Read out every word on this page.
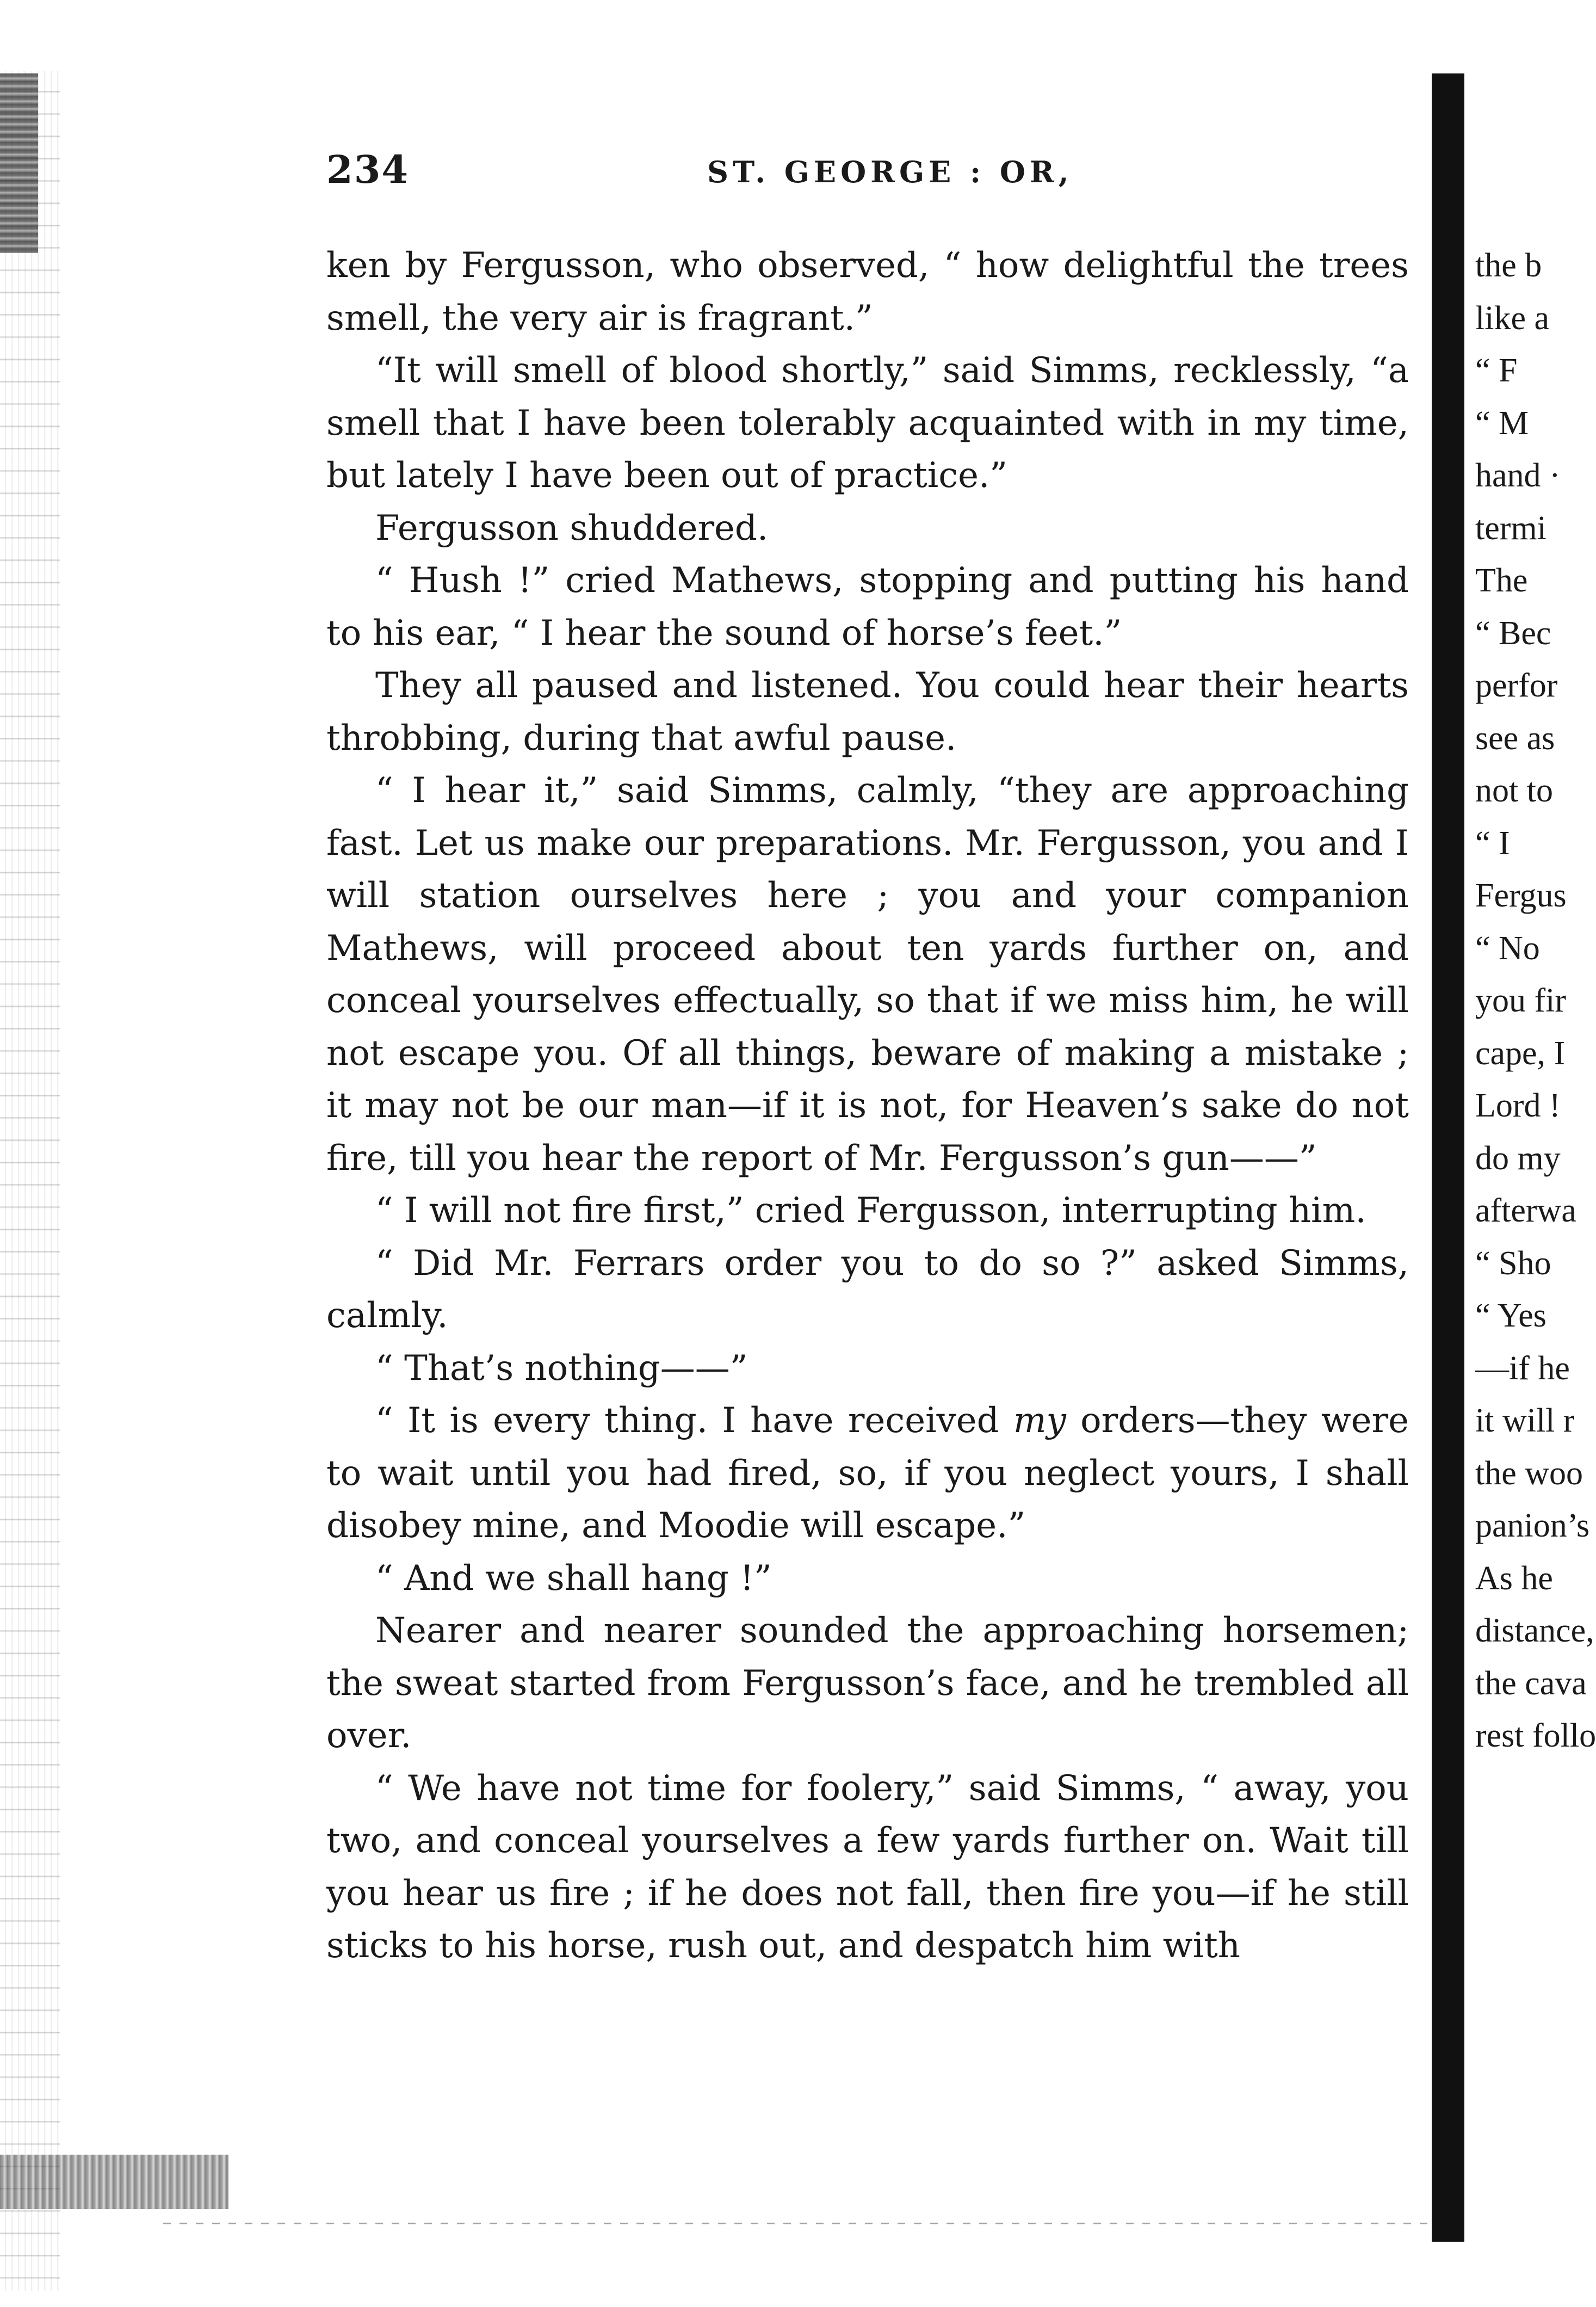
234	ST. GEORGE : OR,

ken by Fergusson, who observed, “ how delightful the trees smell, the very air is fragrant.”

“It will smell of blood shortly,” said Simms, recklessly, “a smell that I have been tolerably acquainted with in my time, but lately I have been out of practice.”

Fergusson shuddered.

“ Hush !” cried Mathews, stopping and putting his hand to his ear, “ I hear the sound of horse’s feet.”

They all paused and listened. You could hear their hearts throbbing, during that awful pause.

“ I hear it,” said Simms, calmly, “they are approaching fast. Let us make our preparations. Mr. Fergusson, you and I will station ourselves here ; you and your companion Mathews, will proceed about ten yards further on, and conceal yourselves effectually, so that if we miss him, he will not escape you. Of all things, beware of making a mistake ; it may not be our man—if it is not, for Heaven’s sake do not fire, till you hear the report of Mr. Fergusson’s gun——”

“ I will not fire first,” cried Fergusson, interrupting him.

“ Did Mr. Ferrars order you to do so ?” asked Simms, calmly.

“ That’s nothing——”

“ It is every thing. I have received my orders—they were to wait until you had fired, so, if you neglect yours, I shall disobey mine, and Moodie will escape.”

“ And we shall hang !”

Nearer and nearer sounded the approaching horsemen; the sweat started from Fergusson’s face, and he trembled all over.

“ We have not time for foolery,” said Simms, “ away, you two, and conceal yourselves a few yards further on. Wait till you hear us fire ; if he does not fall, then fire you—if he still sticks to his horse, rush out, and despatch him with

the b
like a
“ F
“ M
hand ·
termi
The
“ Bec
perfor
see as
not to
“ I
Fergus
“ No
you fir
cape, I
Lord !
do my
afterwa
“ Sho
“ Yes
—if he
it will r
the woo
panion’s
As he
distance,
the cava
rest follo
